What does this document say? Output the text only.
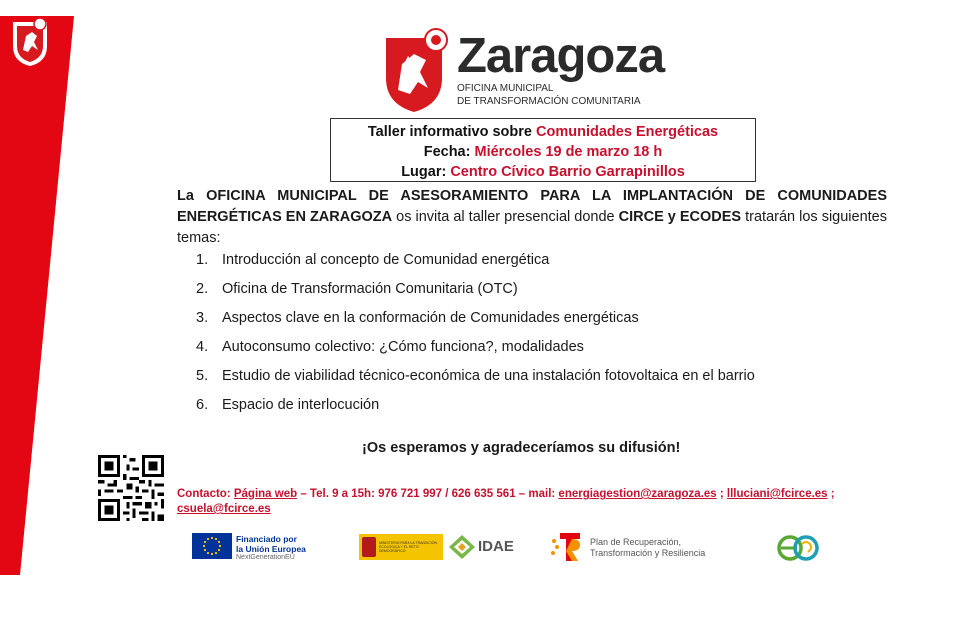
Zaragoza
OFICINA MUNICIPAL
DE TRANSFORMACIÓN COMUNITARIA
Taller informativo sobre Comunidades Energéticas
Fecha: Miércoles 19 de marzo 18 h
Lugar: Centro Cívico Barrio Garrapinillos
La OFICINA MUNICIPAL DE ASESORAMIENTO PARA LA IMPLANTACIÓN DE COMUNIDADES ENERGÉTICAS EN ZARAGOZA os invita al taller presencial donde CIRCE y ECODES tratarán los siguientes temas:
1. Introducción al concepto de Comunidad energética
2. Oficina de Transformación Comunitaria (OTC)
3. Aspectos clave en la conformación de Comunidades energéticas
4. Autoconsumo colectivo: ¿Cómo funciona?, modalidades
5. Estudio de viabilidad técnico-económica de una instalación fotovoltaica en el barrio
6. Espacio de interlocución
¡Os esperamos y agradeceríamos su difusión!
Contacto: Página web – Tel. 9 a 15h: 976 721 997 / 626 635 561 – mail: energiagestion@zaragoza.es ; llluciani@fcirce.es ;
csuela@fcirce.es
Financiado por
la Unión Europea
NextGenerationEU
MINISTERIO PARA LA TRANSICIÓN ECOLÓGICA Y EL RETO DEMOGRÁFICO	IDAE	Plan de Recuperación,
Transformación y Resiliencia
